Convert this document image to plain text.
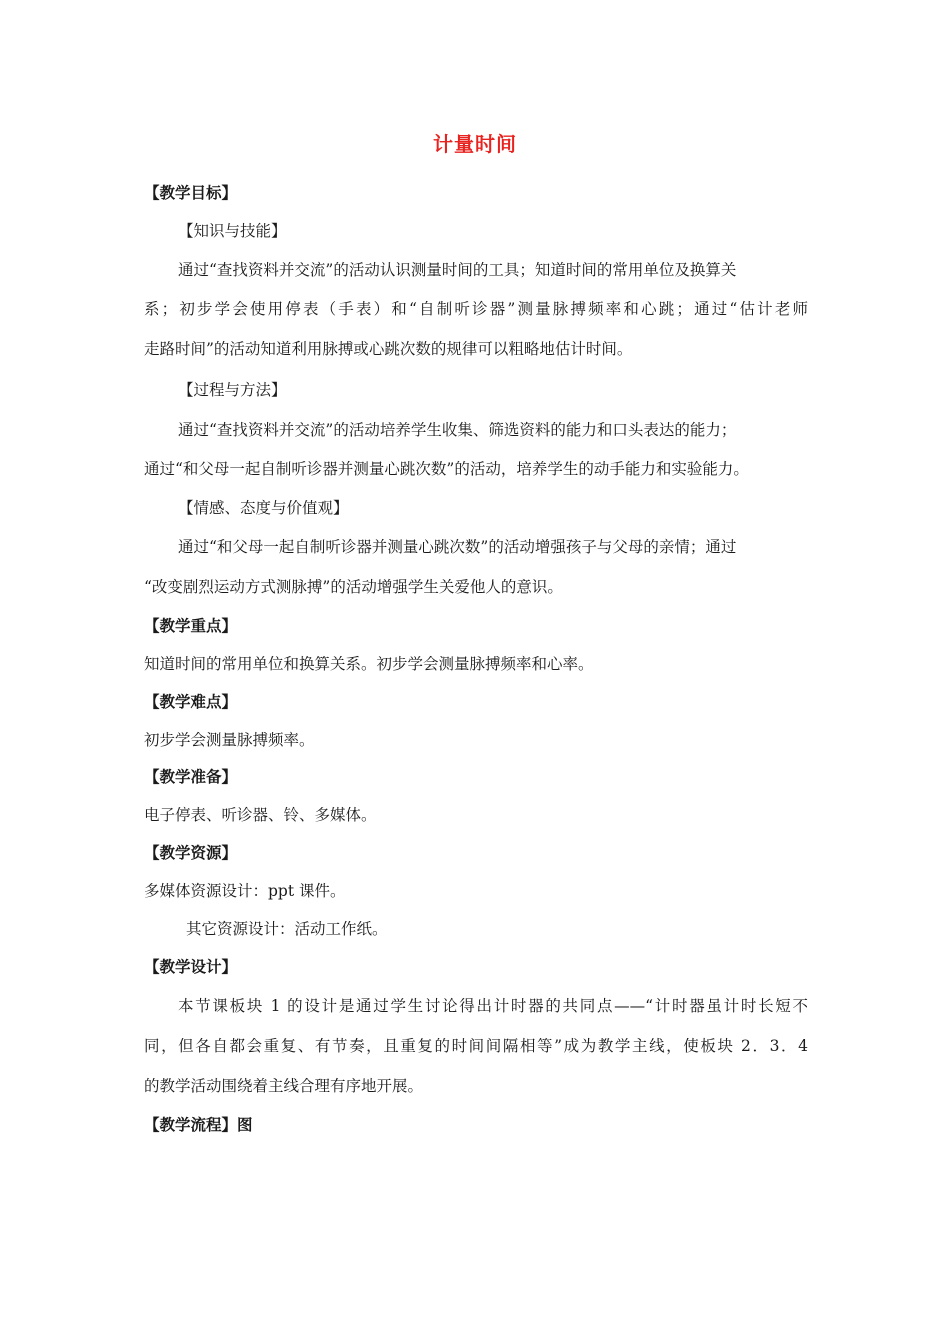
计量时间
【教学目标】
【知识与技能】
通过“查找资料并交流”的活动认识测量时间的工具；知道时间的常用单位及换算关
系；初步学会使用停表（手表）和“自制听诊器”测量脉搏频率和心跳；通过“估计老师
走路时间”的活动知道利用脉搏或心跳次数的规律可以粗略地估计时间。
【过程与方法】
通过“查找资料并交流”的活动培养学生收集、筛选资料的能力和口头表达的能力；
通过“和父母一起自制听诊器并测量心跳次数”的活动，培养学生的动手能力和实验能力。
【情感、态度与价值观】
通过“和父母一起自制听诊器并测量心跳次数”的活动增强孩子与父母的亲情；通过
“改变剧烈运动方式测脉搏”的活动增强学生关爱他人的意识。
【教学重点】
知道时间的常用单位和换算关系。初步学会测量脉搏频率和心率。
【教学难点】
初步学会测量脉搏频率。
【教学准备】
电子停表、听诊器、铃、多媒体。
【教学资源】
多媒体资源设计：ppt 课件。
其它资源设计：活动工作纸。
【教学设计】
本节课板块 1 的设计是通过学生讨论得出计时器的共同点——“计时器虽计时长短不
同，但各自都会重复、有节奏，且重复的时间间隔相等”成为教学主线，使板块 2．3．4
的教学活动围绕着主线合理有序地开展。
【教学流程】图
